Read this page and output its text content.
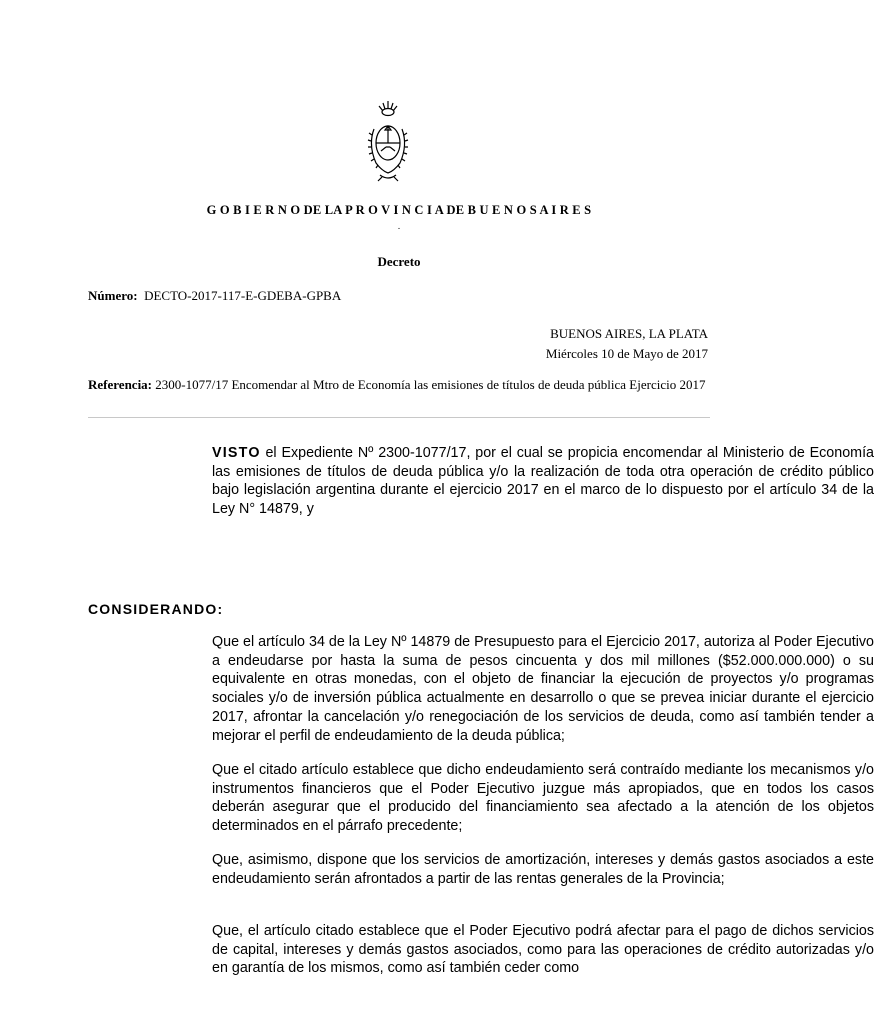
G O B I E R N O DE LA P R O V I N C I A DE B U E N O S A I R E S
.
Decreto
Número: DECTO-2017-117-E-GDEBA-GPBA
BUENOS AIRES, LA PLATA
Miércoles 10 de Mayo de 2017
Referencia: 2300-1077/17 Encomendar al Mtro de Economía las emisiones de títulos de deuda pública Ejercicio 2017
VISTO el Expediente Nº 2300-1077/17, por el cual se propicia encomendar al Ministerio de Economía las emisiones de títulos de deuda pública y/o la realización de toda otra operación de crédito público bajo legislación argentina durante el ejercicio 2017 en el marco de lo dispuesto por el artículo 34 de la Ley N° 14879, y
CONSIDERANDO:
Que el artículo 34 de la Ley Nº 14879 de Presupuesto para el Ejercicio 2017, autoriza al Poder Ejecutivo a endeudarse por hasta la suma de pesos cincuenta y dos mil millones ($52.000.000.000) o su equivalente en otras monedas, con el objeto de financiar la ejecución de proyectos y/o programas sociales y/o de inversión pública actualmente en desarrollo o que se prevea iniciar durante el ejercicio 2017, afrontar la cancelación y/o renegociación de los servicios de deuda, como así también tender a mejorar el perfil de endeudamiento de la deuda pública;
Que el citado artículo establece que dicho endeudamiento será contraído mediante los mecanismos y/o instrumentos financieros que el Poder Ejecutivo juzgue más apropiados, que en todos los casos deberán asegurar que el producido del financiamiento sea afectado a la atención de los objetos determinados en el párrafo precedente;
Que, asimismo, dispone que los servicios de amortización, intereses y demás gastos asociados a este endeudamiento serán afrontados a partir de las rentas generales de la Provincia;
Que, el artículo citado establece que el Poder Ejecutivo podrá afectar para el pago de dichos servicios de capital, intereses y demás gastos asociados, como para las operaciones de crédito autorizadas y/o en garantía de los mismos, como así también ceder como
